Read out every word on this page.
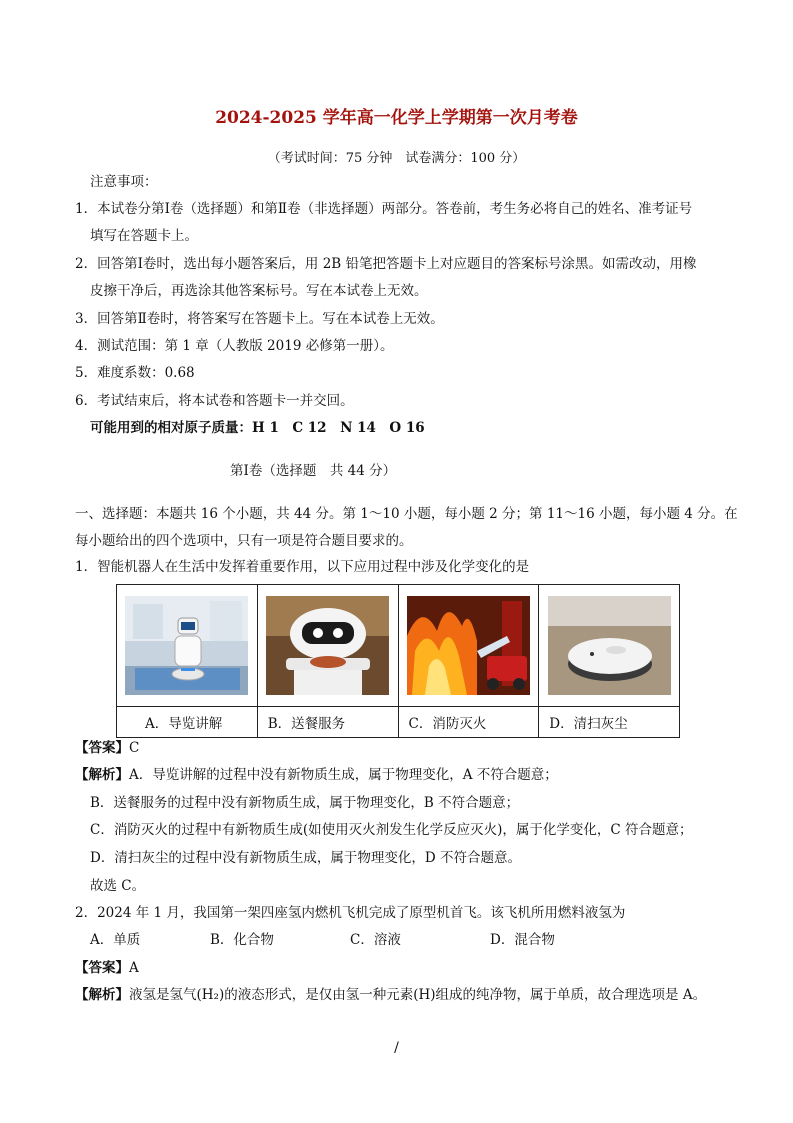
2024-2025 学年高一化学上学期第一次月考卷
（考试时间：75 分钟　试卷满分：100 分）
注意事项：
1．本试卷分第Ⅰ卷（选择题）和第Ⅱ卷（非选择题）两部分。答卷前，考生务必将自己的姓名、准考证号
填写在答题卡上。
2．回答第Ⅰ卷时，选出每小题答案后，用 2B 铅笔把答题卡上对应题目的答案标号涂黑。如需改动，用橡
皮擦干净后，再选涂其他答案标号。写在本试卷上无效。
3．回答第Ⅱ卷时，将答案写在答题卡上。写在本试卷上无效。
4．测试范围：第 1 章（人教版 2019 必修第一册）。
5．难度系数：0.68
6．考试结束后，将本试卷和答题卡一并交回。
可能用到的相对原子质量：H 1　C 12　N 14　O 16
第Ⅰ卷（选择题　共 44 分）
一、选择题：本题共 16 个小题，共 44 分。第 1～10 小题，每小题 2 分；第 11～16 小题，每小题 4 分。在
每小题给出的四个选项中，只有一项是符合题目要求的。
1．智能机器人在生活中发挥着重要作用，以下应用过程中涉及化学变化的是

A．导览讲解	B．送餐服务	C．消防灭火	D．清扫灰尘
【答案】C
【解析】A．导览讲解的过程中没有新物质生成，属于物理变化，A 不符合题意；
B．送餐服务的过程中没有新物质生成，属于物理变化，B 不符合题意；
C．消防灭火的过程中有新物质生成(如使用灭火剂发生化学反应灭火)，属于化学变化，C 符合题意；
D．清扫灰尘的过程中没有新物质生成，属于物理变化，D 不符合题意。
故选 C。
2．2024 年 1 月，我国第一架四座氢内燃机飞机完成了原型机首飞。该飞机所用燃料液氢为
A．单质	B．化合物	C．溶液	D．混合物
【答案】A
【解析】液氢是氢气(H₂)的液态形式，是仅由氢一种元素(H)组成的纯净物，属于单质，故合理选项是 A。
/
